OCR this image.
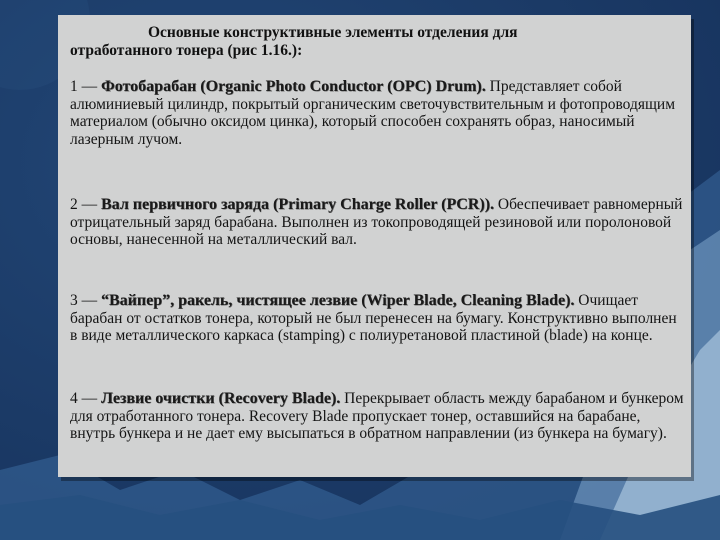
Основные конструктивные элементы отделения для
отработанного тонера (рис 1.16.):
1 — Фотобарабан (Organic Photo Conductor (OPC) Drum). Представляет собой алюминиевый цилиндр, покрытый органическим светочувствительным и фотопроводящим материалом (обычно оксидом цинка), который способен сохранять образ, наносимый лазерным лучом.
2 — Вал первичного заряда (Primary Charge Roller (PCR)). Обеспечивает равномерный отрицательный заряд барабана. Выполнен из токопроводящей резиновой или поролоновой основы, нанесенной на металлический вал.
3 — “Вайпер”, ракель, чистящее лезвие (Wiper Blade, Cleaning Blade). Очищает барабан от остатков тонера, который не был перенесен на бумагу. Конструктивно выполнен в виде металлического каркаса (stamping) с полиуретановой пластиной (blade) на конце.
4 — Лезвие очистки (Recovery Blade). Перекрывает область между барабаном и бункером для отработанного тонера. Recovery Blade пропускает тонер, оставшийся на барабане, внутрь бункера и не дает ему высыпаться в обратном направлении (из бункера на бумагу).
